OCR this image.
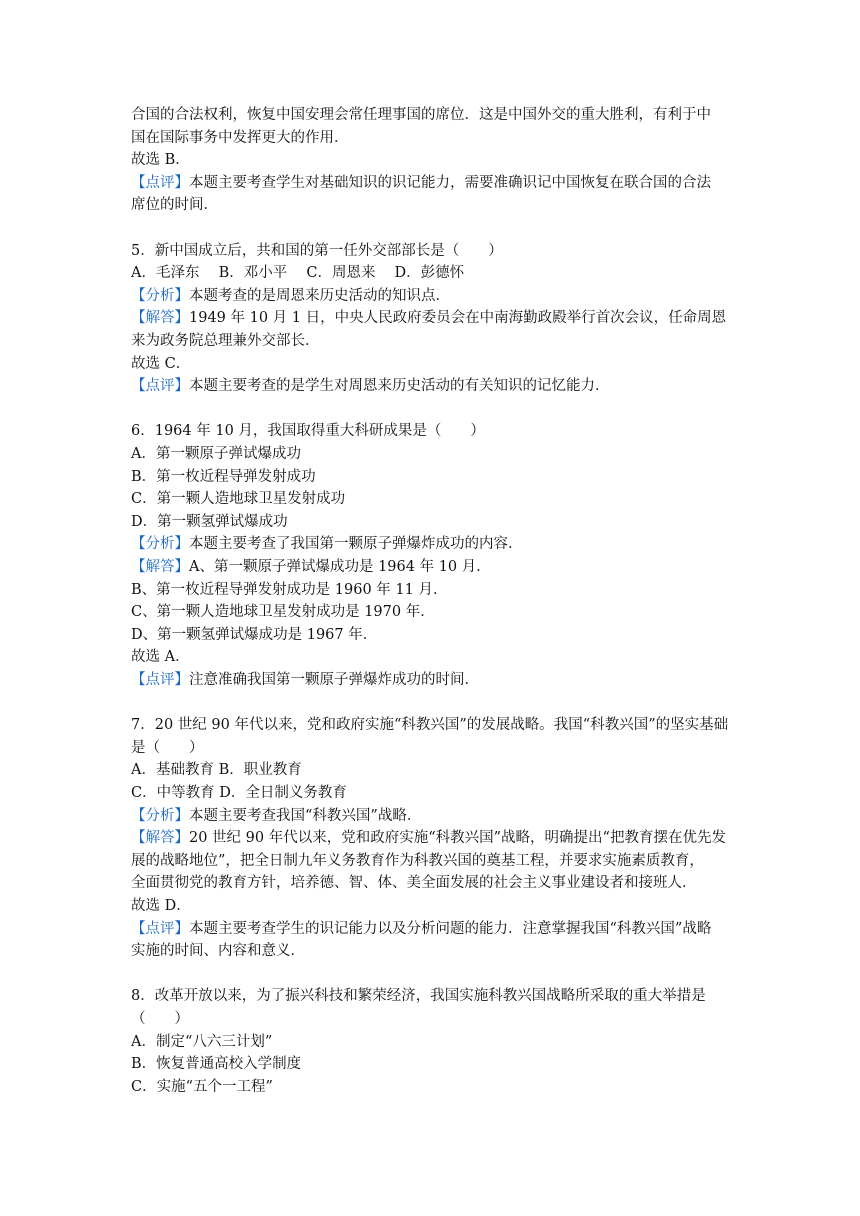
合国的合法权利，恢复中国安理会常任理事国的席位．这是中国外交的重大胜利，有利于中
国在国际事务中发挥更大的作用．
故选 B．
【点评】本题主要考查学生对基础知识的识记能力，需要准确识记中国恢复在联合国的合法
席位的时间．
5．新中国成立后，共和国的第一任外交部部长是（　　）
A．毛泽东　 B．邓小平　 C．周恩来　 D．彭德怀
【分析】本题考查的是周恩来历史活动的知识点．
【解答】1949 年 10 月 1 日，中央人民政府委员会在中南海勤政殿举行首次会议，任命周恩
来为政务院总理兼外交部长．
故选 C．
【点评】本题主要考查的是学生对周恩来历史活动的有关知识的记忆能力．
6．1964 年 10 月，我国取得重大科研成果是（　　）
A．第一颗原子弹试爆成功
B．第一枚近程导弹发射成功
C．第一颗人造地球卫星发射成功
D．第一颗氢弹试爆成功
【分析】本题主要考查了我国第一颗原子弹爆炸成功的内容．
【解答】A、第一颗原子弹试爆成功是 1964 年 10 月．
B、第一枚近程导弹发射成功是 1960 年 11 月．
C、第一颗人造地球卫星发射成功是 1970 年．
D、第一颗氢弹试爆成功是 1967 年．
故选 A．
【点评】注意准确我国第一颗原子弹爆炸成功的时间．
7．20 世纪 90 年代以来，党和政府实施“科教兴国”的发展战略。我国“科教兴国”的坚实基础
是（　　）
A．基础教育 B．职业教育
C．中等教育 D．全日制义务教育
【分析】本题主要考查我国“科教兴国”战略．
【解答】20 世纪 90 年代以来，党和政府实施“科教兴国”战略，明确提出“把教育摆在优先发
展的战略地位”，把全日制九年义务教育作为科教兴国的奠基工程，并要求实施素质教育，
全面贯彻党的教育方针，培养德、智、体、美全面发展的社会主义事业建设者和接班人．
故选 D．
【点评】本题主要考查学生的识记能力以及分析问题的能力．注意掌握我国“科教兴国”战略
实施的时间、内容和意义．
8．改革开放以来，为了振兴科技和繁荣经济，我国实施科教兴国战略所采取的重大举措是
（　　）
A．制定“八六三计划”
B．恢复普通高校入学制度
C．实施“五个一工程”
